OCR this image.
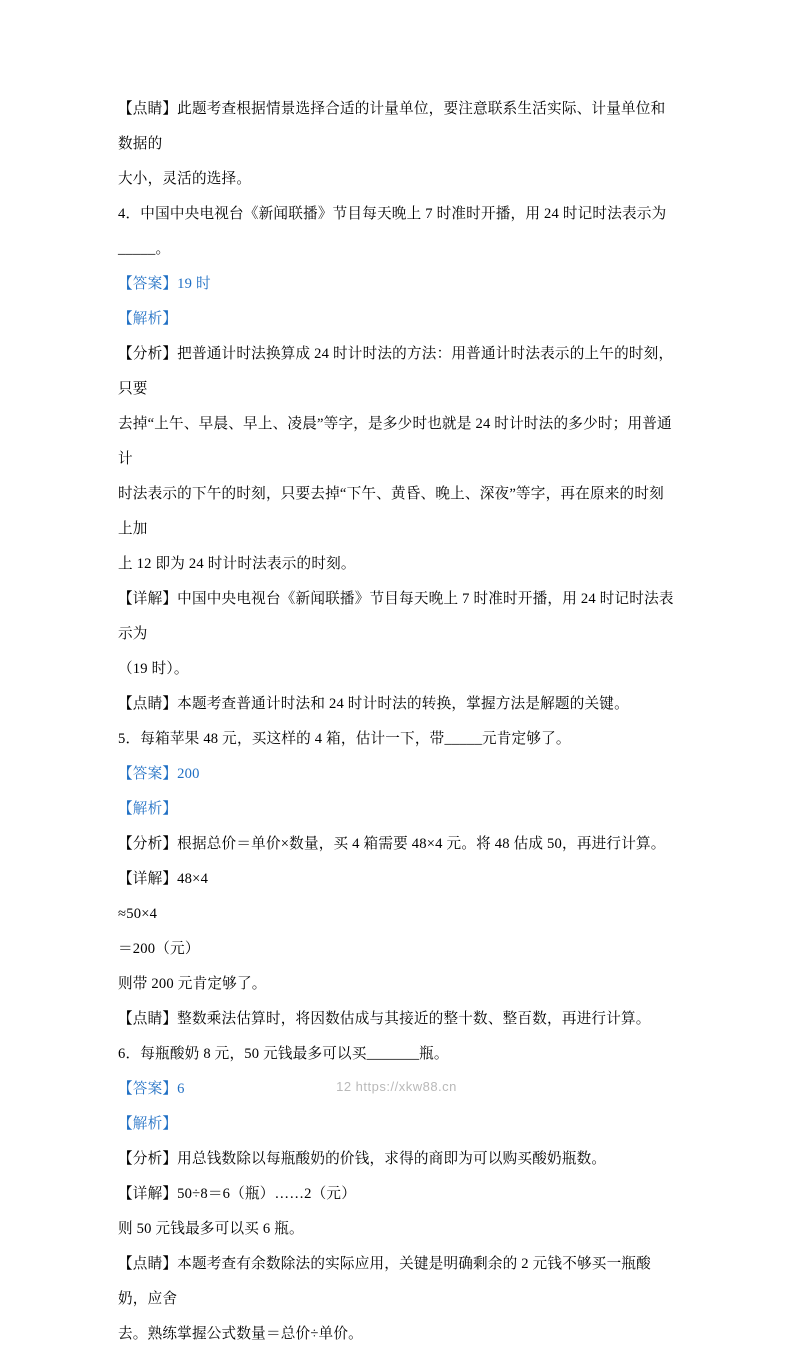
【点睛】此题考查根据情景选择合适的计量单位，要注意联系生活实际、计量单位和数据的
大小，灵活的选择。
4．中国中央电视台《新闻联播》节目每天晚上 7 时准时开播，用 24 时记时法表示为_____。
【答案】19 时
【解析】
【分析】把普通计时法换算成 24 时计时法的方法：用普通计时法表示的上午的时刻，只要
去掉“上午、早晨、早上、凌晨”等字，是多少时也就是 24 时计时法的多少时；用普通计
时法表示的下午的时刻，只要去掉“下午、黄昏、晚上、深夜”等字，再在原来的时刻上加
上 12 即为 24 时计时法表示的时刻。
【详解】中国中央电视台《新闻联播》节目每天晚上 7 时准时开播，用 24 时记时法表示为
（19 时）。
【点睛】本题考查普通计时法和 24 时计时法的转换，掌握方法是解题的关键。
5．每箱苹果 48 元，买这样的 4 箱，估计一下，带_____元肯定够了。
【答案】200
【解析】
【分析】根据总价＝单价×数量，买 4 箱需要 48×4 元。将 48 估成 50，再进行计算。
【详解】48×4
≈50×4
＝200（元）
则带 200 元肯定够了。
【点睛】整数乘法估算时，将因数估成与其接近的整十数、整百数，再进行计算。
6．每瓶酸奶 8 元，50 元钱最多可以买_______瓶。
【答案】6
【解析】
【分析】用总钱数除以每瓶酸奶的价钱，求得的商即为可以购买酸奶瓶数。
【详解】50÷8＝6（瓶）……2（元）
则 50 元钱最多可以买 6 瓶。
【点睛】本题考查有余数除法的实际应用，关键是明确剩余的 2 元钱不够买一瓶酸奶，应舍
去。熟练掌握公式数量＝总价÷单价。
12 https://xkw88.cn
